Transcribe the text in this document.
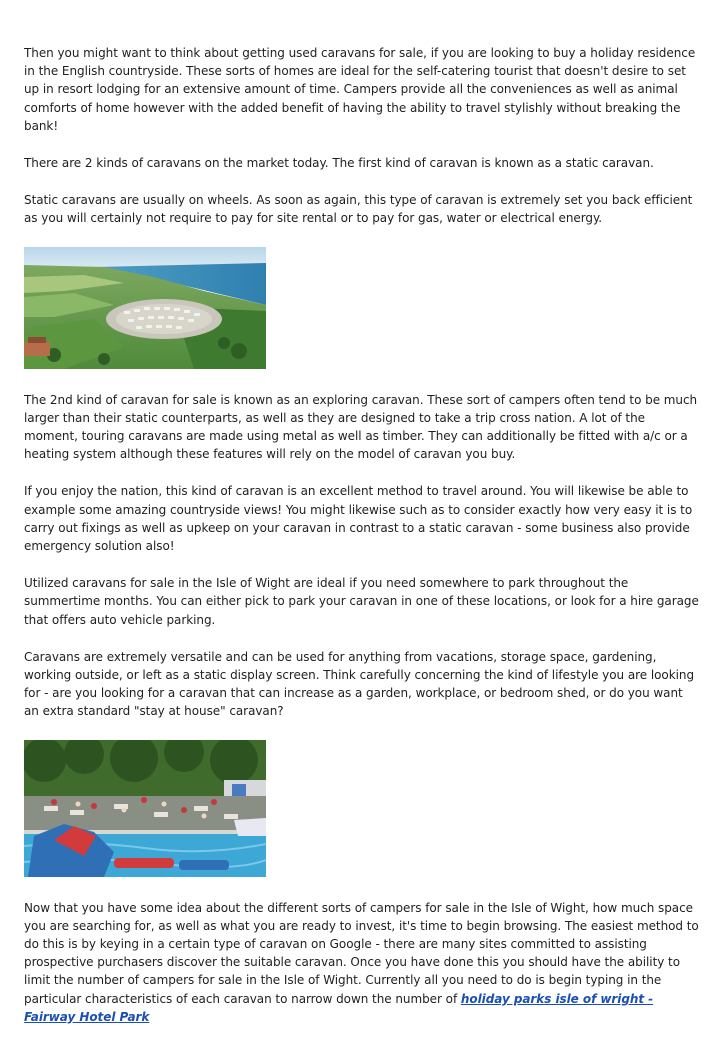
Then you might want to think about getting used caravans for sale, if you are looking to buy a holiday residence in the English countryside. These sorts of homes are ideal for the self-catering tourist that doesn't desire to set up in resort lodging for an extensive amount of time. Campers provide all the conveniences as well as animal comforts of home however with the added benefit of having the ability to travel stylishly without breaking the bank!

There are 2 kinds of caravans on the market today. The first kind of caravan is known as a static caravan.

Static caravans are usually on wheels. As soon as again, this type of caravan is extremely set you back efficient as you will certainly not require to pay for site rental or to pay for gas, water or electrical energy.

The 2nd kind of caravan for sale is known as an exploring caravan. These sort of campers often tend to be much larger than their static counterparts, as well as they are designed to take a trip cross nation. A lot of the moment, touring caravans are made using metal as well as timber. They can additionally be fitted with a/c or a heating system although these features will rely on the model of caravan you buy.

If you enjoy the nation, this kind of caravan is an excellent method to travel around. You will likewise be able to example some amazing countryside views! You might likewise such as to consider exactly how very easy it is to carry out fixings as well as upkeep on your caravan in contrast to a static caravan - some business also provide emergency solution also!

Utilized caravans for sale in the Isle of Wight are ideal if you need somewhere to park throughout the summertime months. You can either pick to park your caravan in one of these locations, or look for a hire garage that offers auto vehicle parking.

Caravans are extremely versatile and can be used for anything from vacations, storage space, gardening, working outside, or left as a static display screen. Think carefully concerning the kind of lifestyle you are looking for - are you looking for a caravan that can increase as a garden, workplace, or bedroom shed, or do you want an extra standard "stay at house" caravan?

Now that you have some idea about the different sorts of campers for sale in the Isle of Wight, how much space you are searching for, as well as what you are ready to invest, it's time to begin browsing. The easiest method to do this is by keying in a certain type of caravan on Google - there are many sites committed to assisting prospective purchasers discover the suitable caravan. Once you have done this you should have the ability to limit the number of campers for sale in the Isle of Wight. Currently all you need to do is begin typing in the particular characteristics of each caravan to narrow down the number of holiday parks isle of wright - Fairway Hotel Park
